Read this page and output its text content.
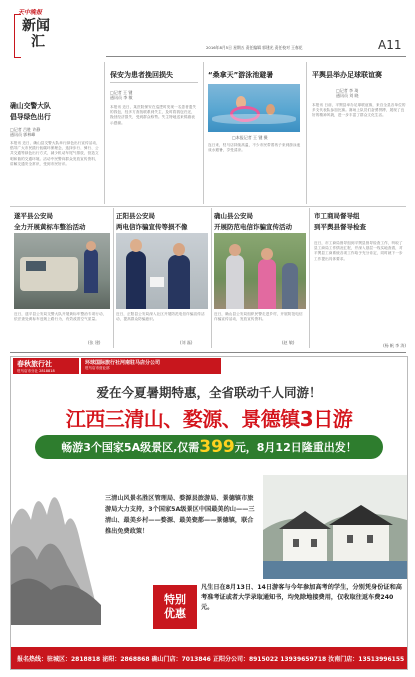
天中晚报
新闻
汇	2016年8月5日 星期五 责任编辑 郭建光 责任校对 王春花	A11
确山交警大队
倡导绿色出行
□记者 吕胜 许静
通讯员 郭林峰
本报讯 近日，确山县交警大队举行绿色出行宣传活动，倡导广大市民践行低碳环保理念，选择步行、骑行、公共交通等绿色出行方式，减少机动车尾气排放，营造文明和谐的交通环境。活动中民警向群众发放宣传资料，讲解交通安全常识，受到市民好评。
保安为患者挽回损失
□记者 王 键
通讯员 李 敏
本报讯 近日，某医院保安在巡逻时发现一名患者遗失的钱包，经多方查找联系到失主，及时将钱包归还，挽回经济损失，受到群众称赞。失主特地送来锦旗表示感谢。
“桑拿天”游泳池避暑
□本报记者 王 键 摄
连日来，驻马店持续高温，不少市民带着孩子来到游泳池戏水避暑，享受清凉。
平舆县举办足球联谊赛
□记者 李 琦
通讯员 刘 晓
本报讯 日前，平舆县举办足球联谊赛，来自全县各单位的多支代表队参加比赛。赛场上队员们奋勇拼搏，展现了良好的精神风貌，进一步丰富了群众文化生活。
遂平县公安局
全力开展黄标车整治活动
近日，遂平县公安局交警大队开展黄标车整治专项行动，依法查处黄标车违规上路行为，有效改善空气质量。
(张 建)
正阳县公安局
两电信诈骗宣传等损不像
近日，正阳县公安局深入社区开展防范电信诈骗宣传活动，提高群众防骗意识。
(刘 磊)
确山县公安局
开展防范电信诈骗宣传活动
近日，确山县公安局组织民警走进乡村，开展防范电信诈骗宣传活动，发放宣传资料。
(赵 敏)
市工商局督导组
到平舆县督导检查
近日，市工商局督导组到平舆县督导检查工作，听取了县工商局工作情况汇报，并深入基层一线实地查看，对平舆县工商系统各项工作给予充分肯定，同时就下一步工作提出具体要求。
(杨 帆 李 涛)
春秋旅行社
驻马店市分社 2818818
环球国际旅行社河南驻马店分公司
驻马店市营业部
爱在今夏暑期特惠，全省联动千人同游！
江西三清山、婺源、景德镇3日游
畅游3个国家5A级景区,仅需 399 元，8月12日隆重出发！
三清山风景名胜区管理局、婺源县旅游局、景德镇市旅游局大力支持，3个国家5A级景区中国最美的山——三清山、最美乡村——婺源、最美瓷都——景德镇，联合推出免费政策！
特别
优惠
凡生日在8月13日、14日游客与今年参加高考的学生，分别凭身份证和高考准考证或者大学录取通知书，均免除地接费用，仅收取往返车费240元。
报名热线：驻城区：2818818 泌阳：2868868 确山门店：7013846 正阳分公司：8915022 13939659718 汝南门店：13513996155
